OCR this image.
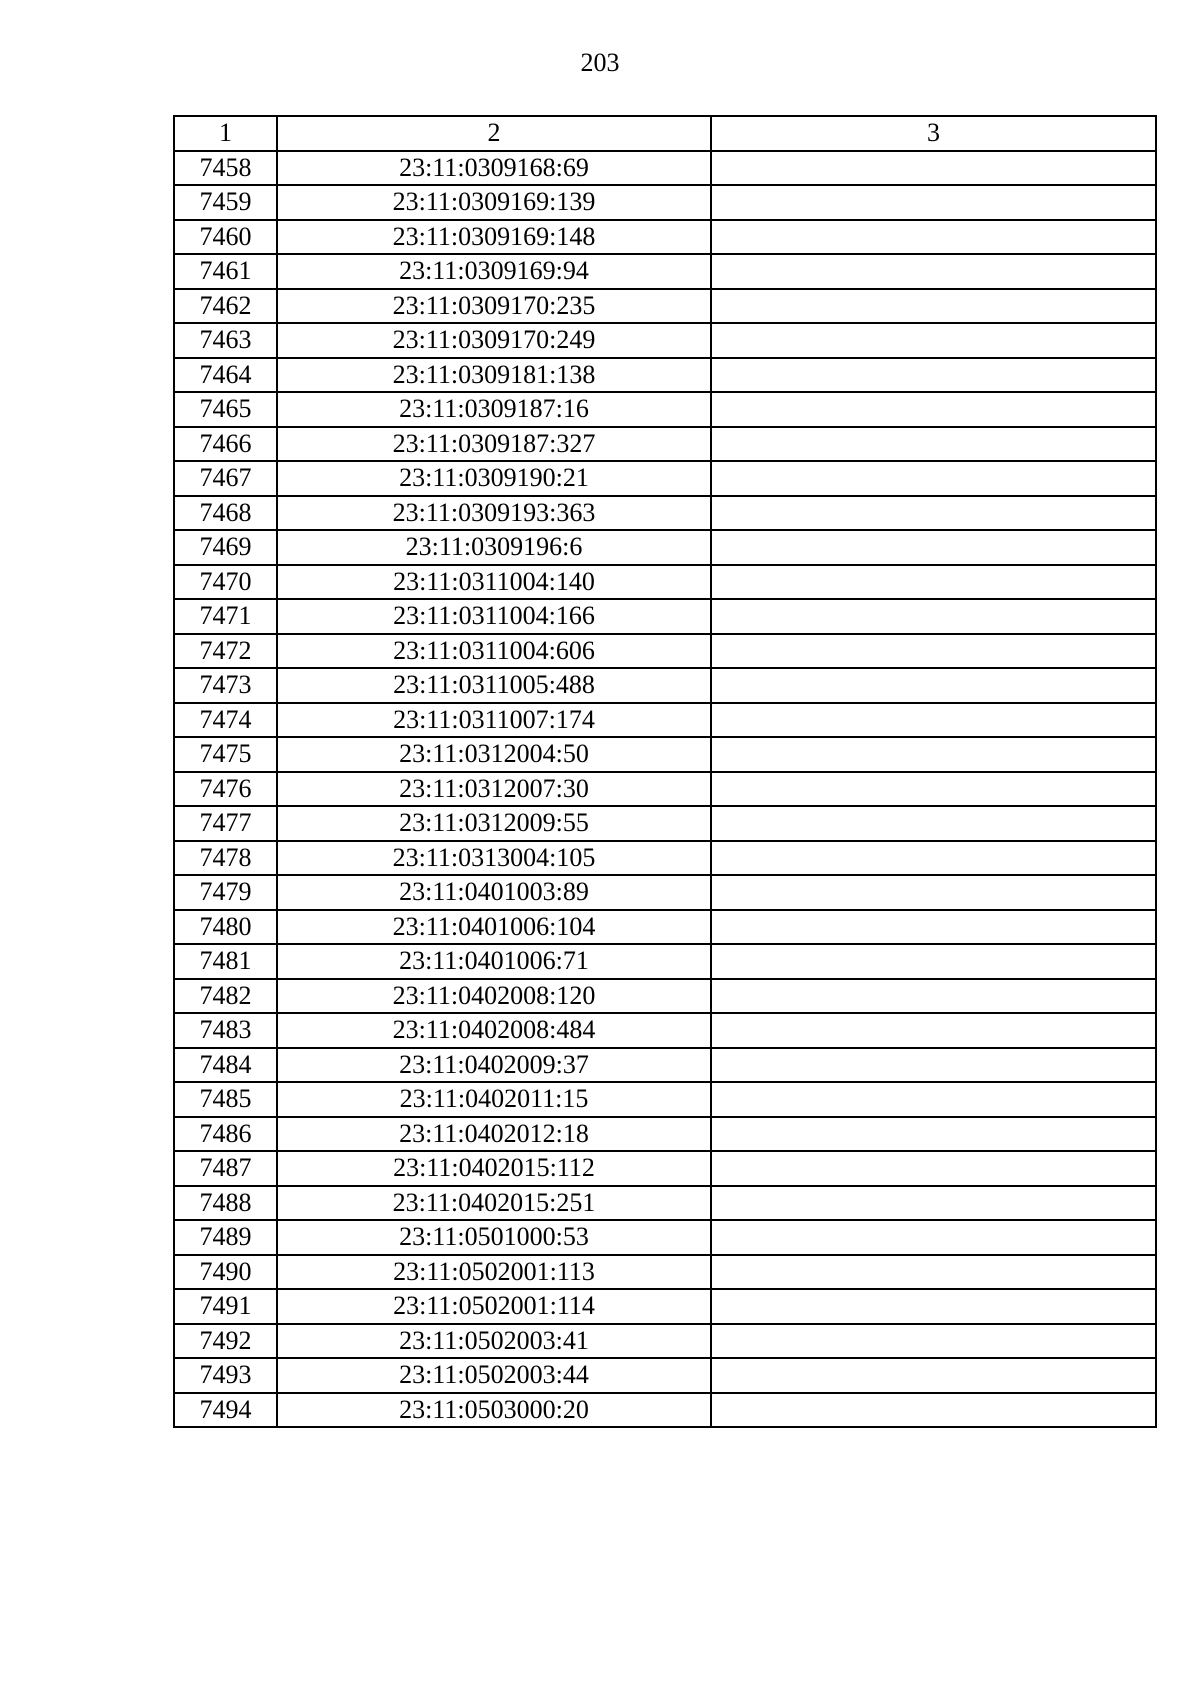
203
1	2	3
7458	23:11:0309168:69	
7459	23:11:0309169:139	
7460	23:11:0309169:148	
7461	23:11:0309169:94	
7462	23:11:0309170:235	
7463	23:11:0309170:249	
7464	23:11:0309181:138	
7465	23:11:0309187:16	
7466	23:11:0309187:327	
7467	23:11:0309190:21	
7468	23:11:0309193:363	
7469	23:11:0309196:6	
7470	23:11:0311004:140	
7471	23:11:0311004:166	
7472	23:11:0311004:606	
7473	23:11:0311005:488	
7474	23:11:0311007:174	
7475	23:11:0312004:50	
7476	23:11:0312007:30	
7477	23:11:0312009:55	
7478	23:11:0313004:105	
7479	23:11:0401003:89	
7480	23:11:0401006:104	
7481	23:11:0401006:71	
7482	23:11:0402008:120	
7483	23:11:0402008:484	
7484	23:11:0402009:37	
7485	23:11:0402011:15	
7486	23:11:0402012:18	
7487	23:11:0402015:112	
7488	23:11:0402015:251	
7489	23:11:0501000:53	
7490	23:11:0502001:113	
7491	23:11:0502001:114	
7492	23:11:0502003:41	
7493	23:11:0502003:44	
7494	23:11:0503000:20	
